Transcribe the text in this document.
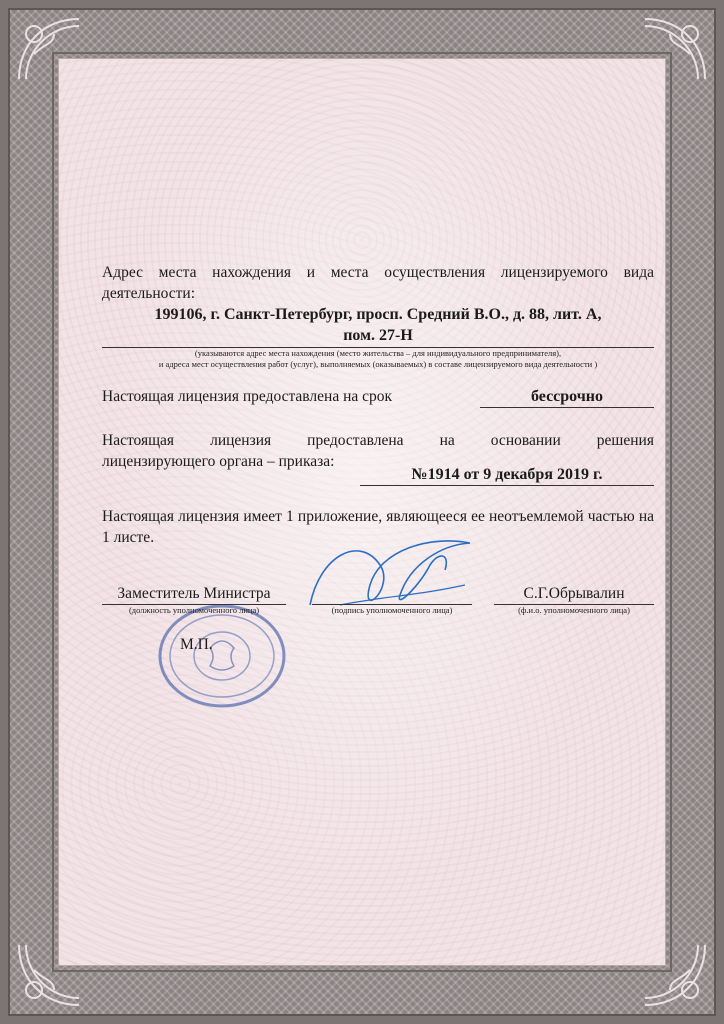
Адрес места нахождения и места осуществления лицензируемого вида деятельности:
199106, г. Санкт-Петербург, просп. Средний В.О., д. 88, лит. А,
пом. 27-Н
(указываются адрес места нахождения (место жительства – для индивидуального предпринимателя),
и адреса мест осуществления работ (услуг), выполняемых (оказываемых) в составе лицензируемого вида деятельности )
Настоящая лицензия предоставлена на срок	бессрочно
Настоящая лицензия предоставлена на основании решения
лицензирующего органа – приказа:
№1914 от 9 декабря 2019 г.
Настоящая лицензия имеет 1 приложение, являющееся ее неотъемлемой частью на 1 листе.
Заместитель Министра
(должность уполномоченного лица)	(подпись уполномоченного лица)
С.Г.Обрывалин
(ф.и.о. уполномоченного лица)
М.П.
